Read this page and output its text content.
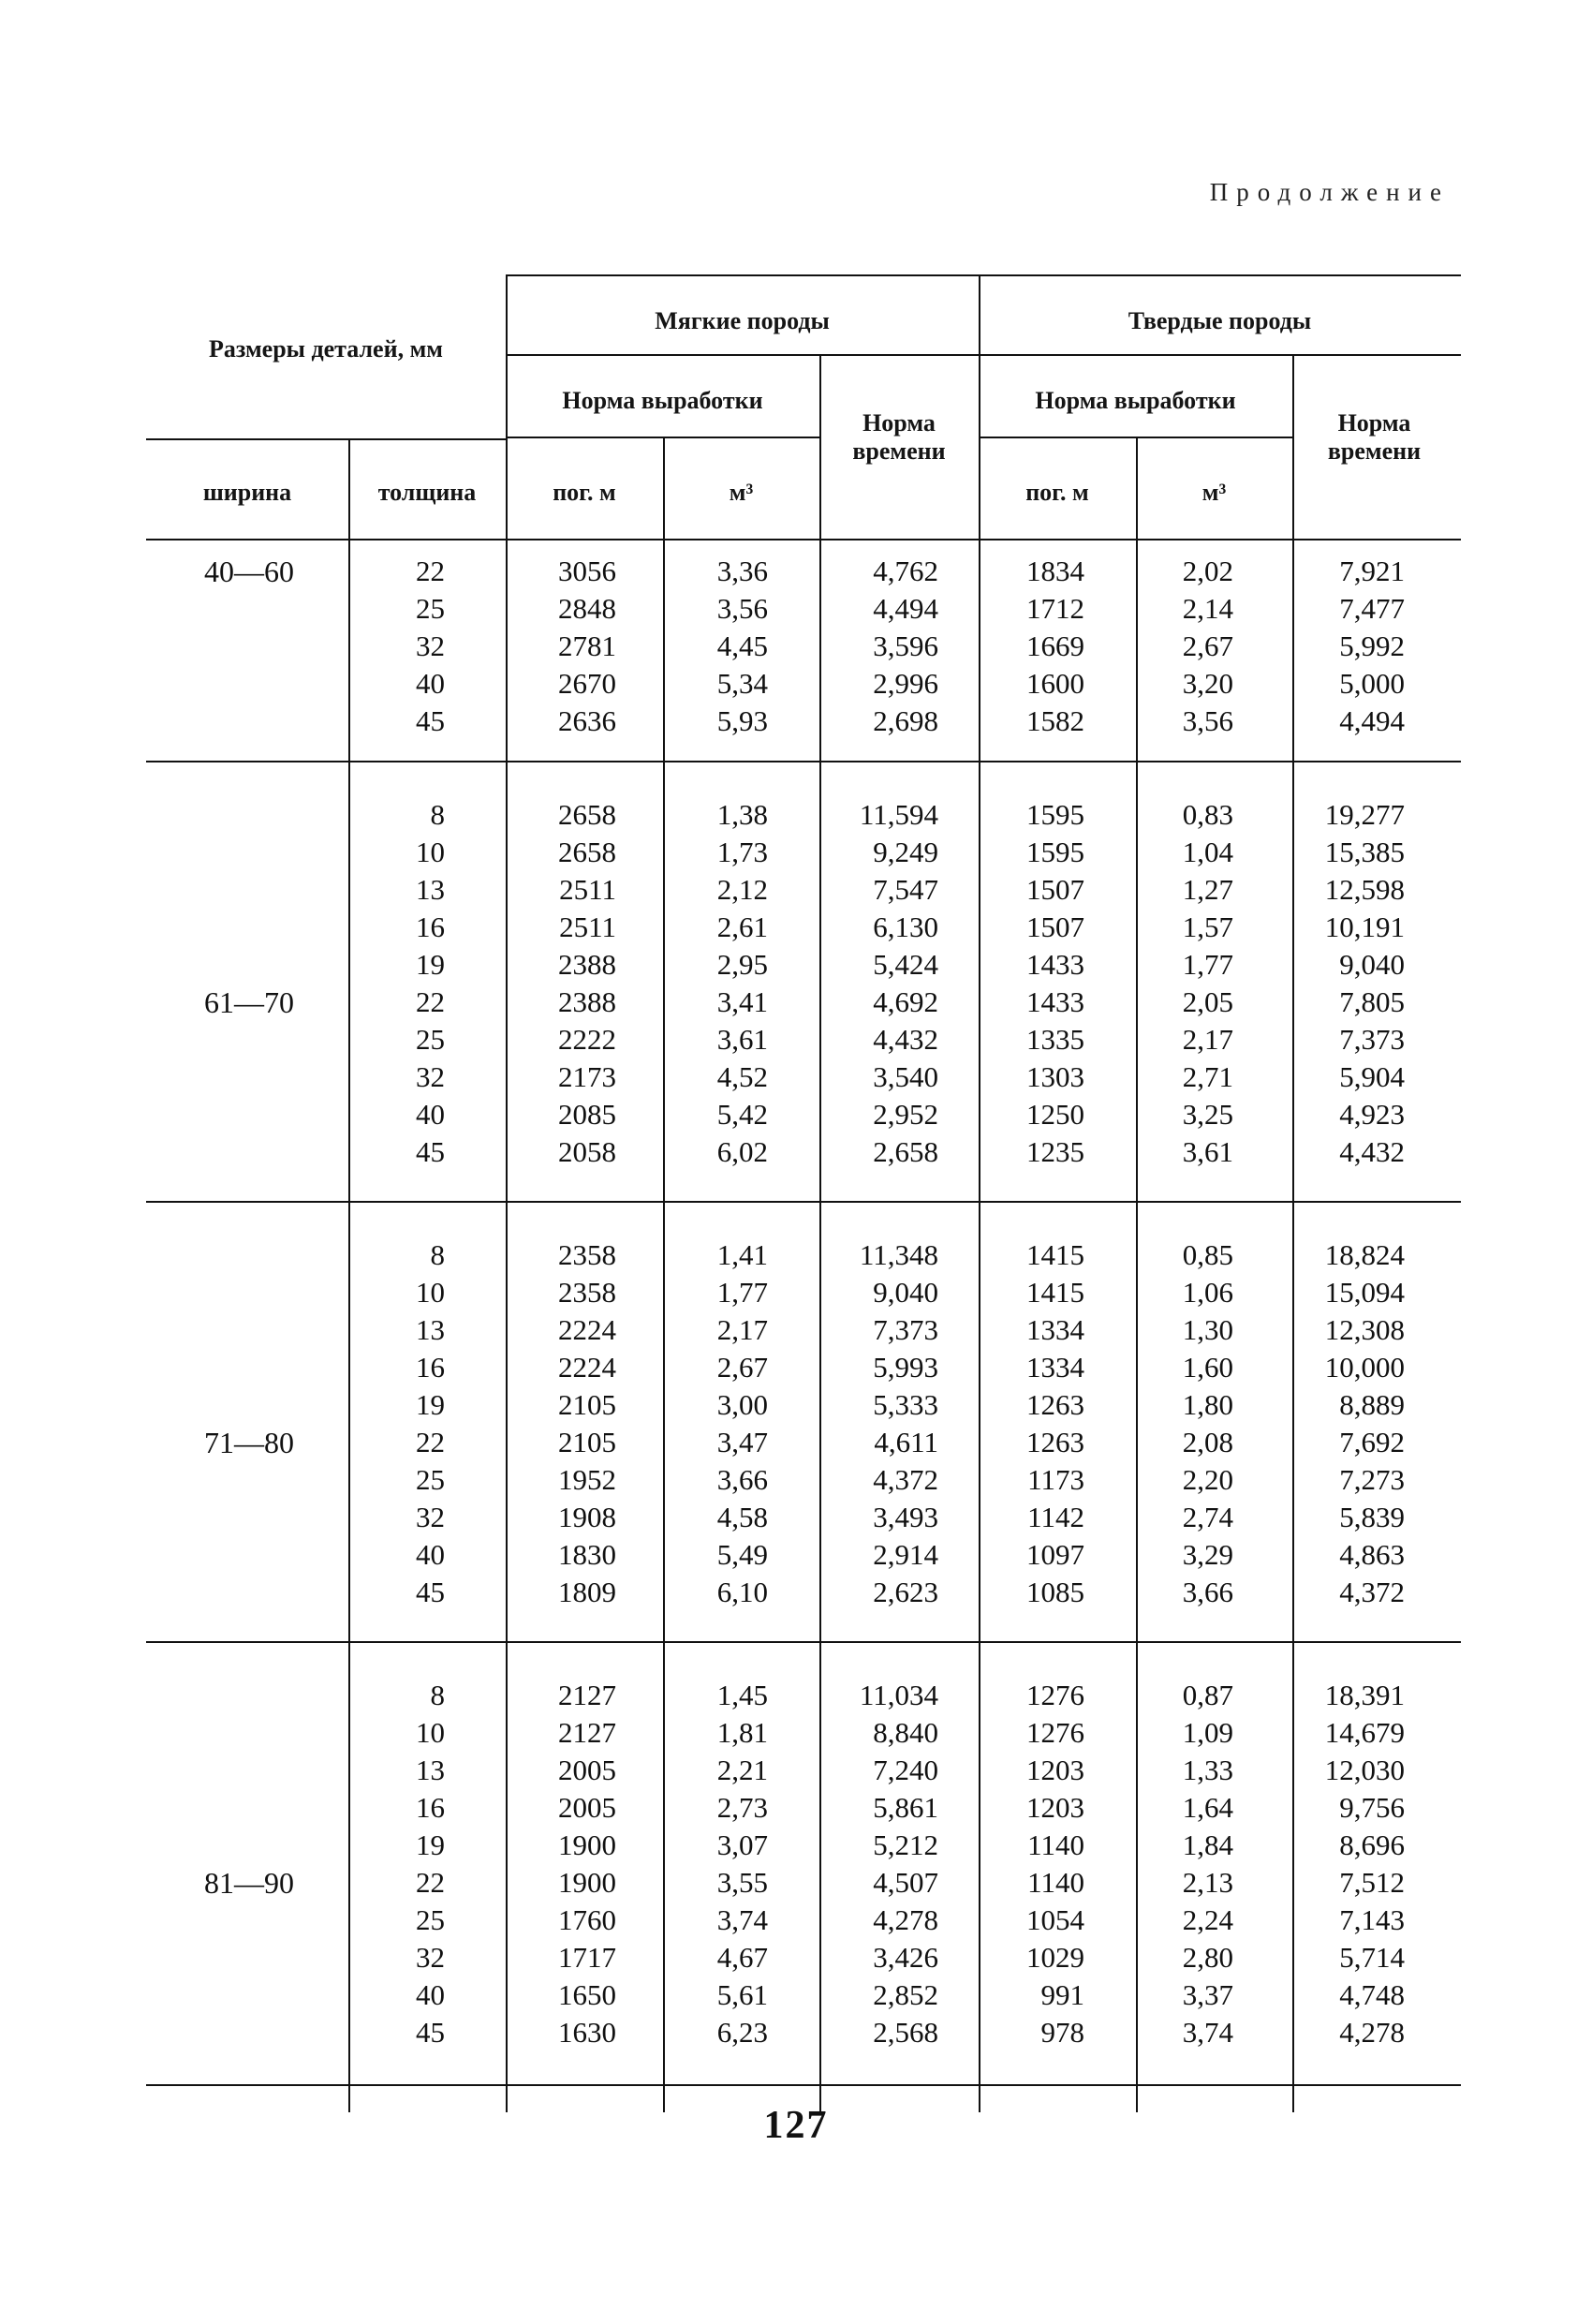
Продолжение
Размеры деталей, мм
ширина	толщина
Мягкие породы	Твердые породы
Норма выработки	Норма выработки
Норма времени
Норма времени
пог. м	м³	пог. м	м³
40—60	22	3056	3,36	4,762	1834	2,02	7,921
25	2848	3,56	4,494	1712	2,14	7,477
32	2781	4,45	3,596	1669	2,67	5,992
40	2670	5,34	2,996	1600	3,20	5,000
45	2636	5,93	2,698	1582	3,56	4,494
61—70
8	2658	1,38	11,594	1595	0,83	19,277
10	2658	1,73	9,249	1595	1,04	15,385
13	2511	2,12	7,547	1507	1,27	12,598
16	2511	2,61	6,130	1507	1,57	10,191
19	2388	2,95	5,424	1433	1,77	9,040
22	2388	3,41	4,692	1433	2,05	7,805
25	2222	3,61	4,432	1335	2,17	7,373
32	2173	4,52	3,540	1303	2,71	5,904
40	2085	5,42	2,952	1250	3,25	4,923
45	2058	6,02	2,658	1235	3,61	4,432
71—80
8	2358	1,41	11,348	1415	0,85	18,824
10	2358	1,77	9,040	1415	1,06	15,094
13	2224	2,17	7,373	1334	1,30	12,308
16	2224	2,67	5,993	1334	1,60	10,000
19	2105	3,00	5,333	1263	1,80	8,889
22	2105	3,47	4,611	1263	2,08	7,692
25	1952	3,66	4,372	1173	2,20	7,273
32	1908	4,58	3,493	1142	2,74	5,839
40	1830	5,49	2,914	1097	3,29	4,863
45	1809	6,10	2,623	1085	3,66	4,372
81—90
8	2127	1,45	11,034	1276	0,87	18,391
10	2127	1,81	8,840	1276	1,09	14,679
13	2005	2,21	7,240	1203	1,33	12,030
16	2005	2,73	5,861	1203	1,64	9,756
19	1900	3,07	5,212	1140	1,84	8,696
22	1900	3,55	4,507	1140	2,13	7,512
25	1760	3,74	4,278	1054	2,24	7,143
32	1717	4,67	3,426	1029	2,80	5,714
40	1650	5,61	2,852	991	3,37	4,748
45	1630	6,23	2,568	978	3,74	4,278
127
